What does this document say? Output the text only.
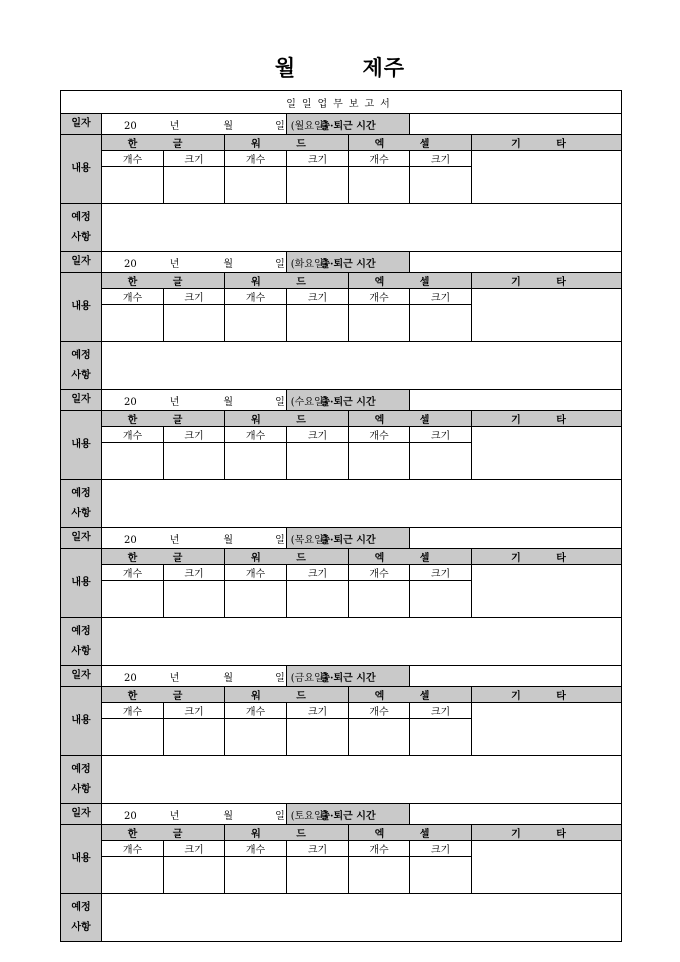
월	제주
일일업무보고서							
일자	20 년 월 일 (월요일)			출·퇴근 시간			
내용	한 글		워 드		엑 셀		기 타
	개수	크기	개수	크기	개수	크기	

예정
사항							
일자	20 년 월 일 (화요일)			출·퇴근 시간			
내용	한 글		워 드		엑 셀		기 타
	개수	크기	개수	크기	개수	크기	

예정
사항							
일자	20 년 월 일 (수요일)			출·퇴근 시간			
내용	한 글		워 드		엑 셀		기 타
	개수	크기	개수	크기	개수	크기	

예정
사항							
일자	20 년 월 일 (목요일)			출·퇴근 시간			
내용	한 글		워 드		엑 셀		기 타
	개수	크기	개수	크기	개수	크기	

예정
사항							
일자	20 년 월 일 (금요일)			출·퇴근 시간			
내용	한 글		워 드		엑 셀		기 타
	개수	크기	개수	크기	개수	크기	

예정
사항							
일자	20 년 월 일 (토요일)			출·퇴근 시간			
내용	한 글		워 드		엑 셀		기 타
	개수	크기	개수	크기	개수	크기	

예정
사항							
